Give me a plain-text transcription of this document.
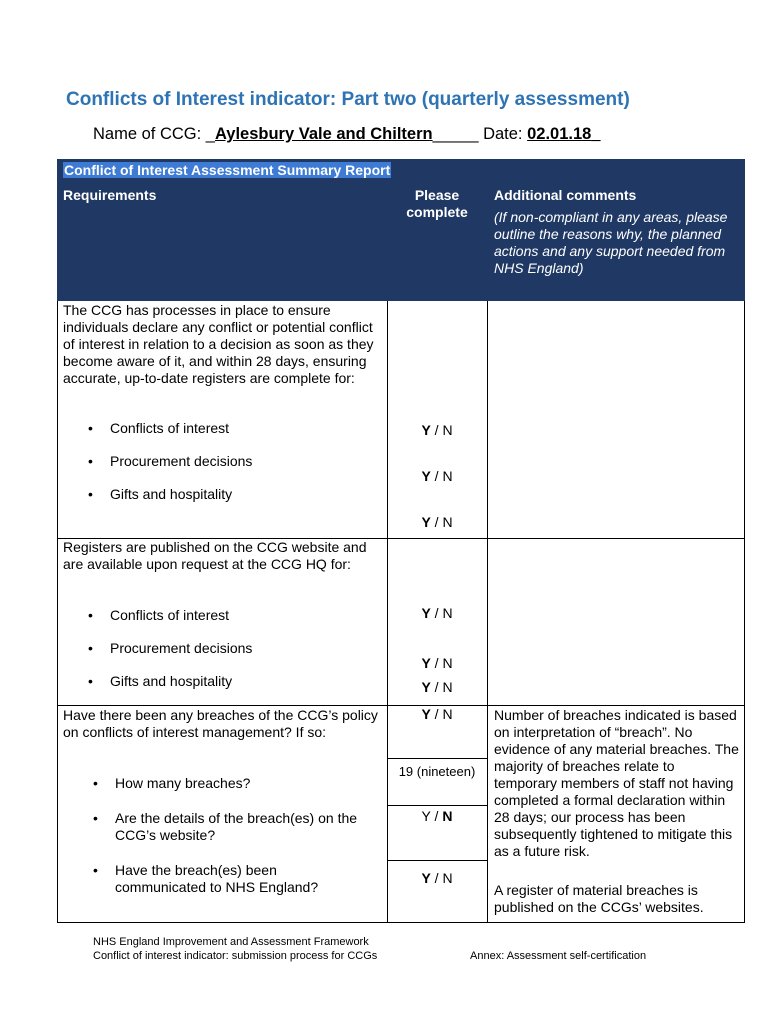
Conflicts of Interest indicator: Part two (quarterly assessment)
Name of CCG: _Aylesbury Vale and Chiltern_____ Date: 02.01.18_
Conflict of Interest Assessment Summary Report
Requirements	Please complete
Additional comments
(If non-compliant in any areas, please outline the reasons why, the planned actions and any support needed from NHS England)
The CCG has processes in place to ensure individuals declare any conflict or potential conflict of interest in relation to a decision as soon as they become aware of it, and within 28 days, ensuring accurate, up-to-date registers are complete for:
• Conflicts of interest
• Procurement decisions
• Gifts and hospitality
Y / N
Y / N
Y / N
Registers are published on the CCG website and are available upon request at the CCG HQ for:
• Conflicts of interest
• Procurement decisions
• Gifts and hospitality
Y / N
Y / N
Y / N
Have there been any breaches of the CCG’s policy on conflicts of interest management? If so:
• How many breaches?
• Are the details of the breach(es) on the CCG’s website?
• Have the breach(es) been communicated to NHS England?
Y / N
19 (nineteen)
Y / N
Y / N
Number of breaches indicated is based on interpretation of “breach”. No evidence of any material breaches. The majority of breaches relate to temporary members of staff not having completed a formal declaration within 28 days; our process has been subsequently tightened to mitigate this as a future risk.
A register of material breaches is published on the CCGs’ websites.
NHS England Improvement and Assessment Framework
Conflict of interest indicator: submission process for CCGs	Annex: Assessment self-certification
